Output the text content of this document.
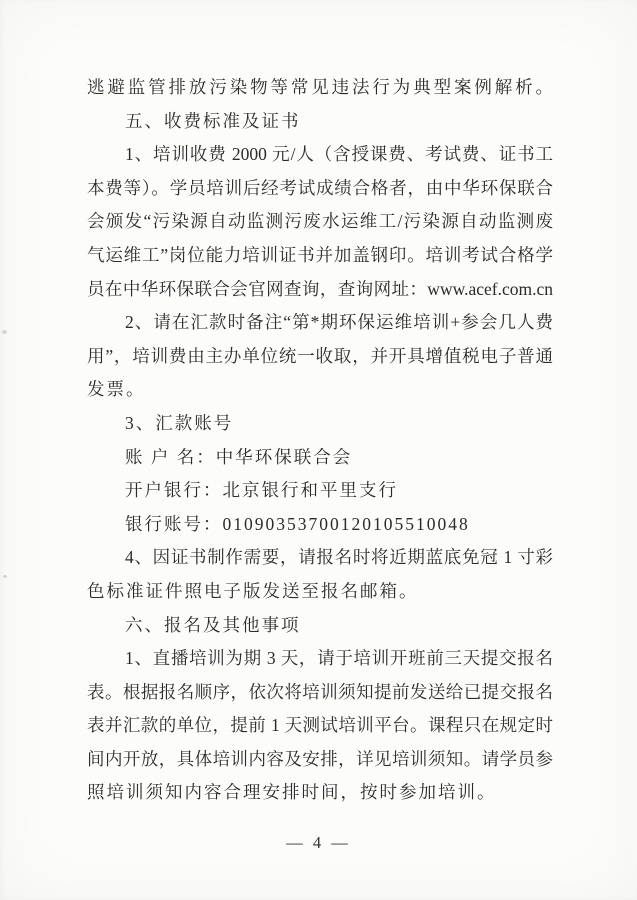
逃避监管排放污染物等常见违法行为典型案例解析。
五、收费标准及证书
1、培训收费 2000 元/人（含授课费、考试费、证书工
本费等）。学员培训后经考试成绩合格者，由中华环保联合
会颁发“污染源自动监测污废水运维工/污染源自动监测废
气运维工”岗位能力培训证书并加盖钢印。培训考试合格学
员在中华环保联合会官网查询，查询网址：www.acef.com.cn
2、请在汇款时备注“第*期环保运维培训+参会几人费
用”，培训费由主办单位统一收取，并开具增值税电子普通
发票。
3、汇款账号
账 户 名：中华环保联合会
开户银行：北京银行和平里支行
银行账号：01090353700120105510048
4、因证书制作需要，请报名时将近期蓝底免冠 1 寸彩
色标准证件照电子版发送至报名邮箱。
六、报名及其他事项
1、直播培训为期 3 天，请于培训开班前三天提交报名
表。根据报名顺序，依次将培训须知提前发送给已提交报名
表并汇款的单位，提前 1 天测试培训平台。课程只在规定时
间内开放，具体培训内容及安排，详见培训须知。请学员参
照培训须知内容合理安排时间，按时参加培训。
— 4 —
